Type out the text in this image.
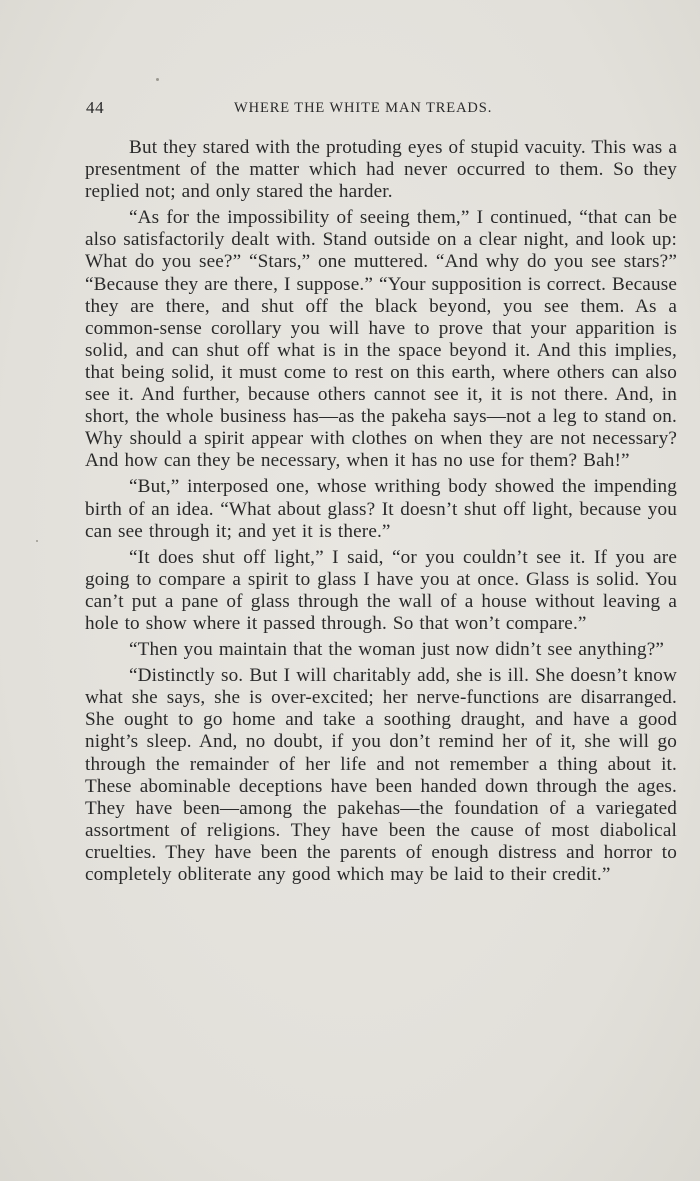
44	WHERE THE WHITE MAN TREADS.

But they stared with the protuding eyes of stupid vacuity. This was a presentment of the matter which had never occurred to them. So they replied not; and only stared the harder.

“As for the impossibility of seeing them,” I continued, “that can be also satisfactorily dealt with. Stand outside on a clear night, and look up: What do you see?” “Stars,” one muttered. “And why do you see stars?” “Because they are there, I suppose.” “Your supposition is correct. Because they are there, and shut off the black beyond, you see them. As a common-sense corollary you will have to prove that your apparition is solid, and can shut off what is in the space beyond it. And this implies, that being solid, it must come to rest on this earth, where others can also see it. And further, because others cannot see it, it is not there. And, in short, the whole business has—as the pakeha says—not a leg to stand on. Why should a spirit appear with clothes on when they are not necessary? And how can they be necessary, when it has no use for them? Bah!”

“But,” interposed one, whose writhing body showed the impending birth of an idea. “What about glass? It doesn’t shut off light, because you can see through it; and yet it is there.”

“It does shut off light,” I said, “or you couldn’t see it. If you are going to compare a spirit to glass I have you at once. Glass is solid. You can’t put a pane of glass through the wall of a house without leaving a hole to show where it passed through. So that won’t compare.”

“Then you maintain that the woman just now didn’t see anything?”

“Distinctly so. But I will charitably add, she is ill. She doesn’t know what she says, she is over-excited; her nerve-functions are disarranged. She ought to go home and take a soothing draught, and have a good night’s sleep. And, no doubt, if you don’t remind her of it, she will go through the remainder of her life and not remember a thing about it. These abominable deceptions have been handed down through the ages. They have been—among the pakehas—the foundation of a variegated assortment of religions. They have been the cause of most diabolical cruelties. They have been the parents of enough distress and horror to completely obliterate any good which may be laid to their credit.”
